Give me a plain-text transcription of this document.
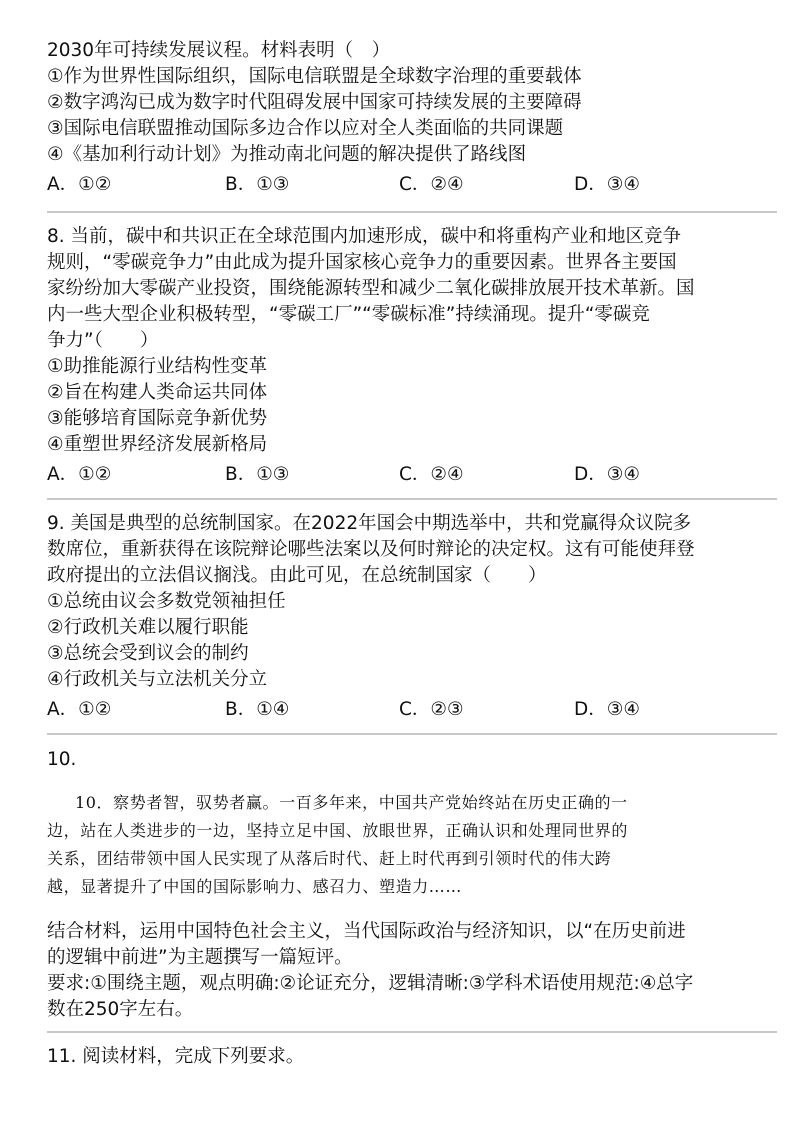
2030年可持续发展议程。材料表明（　）
①作为世界性国际组织，国际电信联盟是全球数字治理的重要载体
②数字鸿沟已成为数字时代阻碍发展中国家可持续发展的主要障碍
③国际电信联盟推动国际多边合作以应对全人类面临的共同课题
④《基加利行动计划》为推动南北问题的解决提供了路线图
A．①②	B．①③	C．②④	D．③④
8. 当前，碳中和共识正在全球范围内加速形成，碳中和将重构产业和地区竞争
规则，“零碳竞争力”由此成为提升国家核心竞争力的重要因素。世界各主要国
家纷纷加大零碳产业投资，围绕能源转型和减少二氧化碳排放展开技术革新。国
内一些大型企业积极转型，“零碳工厂”“零碳标准”持续涌现。提升“零碳竞
争力”（　　）
①助推能源行业结构性变革
②旨在构建人类命运共同体
③能够培育国际竞争新优势
④重塑世界经济发展新格局
A．①②	B．①③	C．②④	D．③④
9. 美国是典型的总统制国家。在2022年国会中期选举中，共和党赢得众议院多
数席位，重新获得在该院辩论哪些法案以及何时辩论的决定权。这有可能使拜登
政府提出的立法倡议搁浅。由此可见，在总统制国家（　　）
①总统由议会多数党领袖担任
②行政机关难以履行职能
③总统会受到议会的制约
④行政机关与立法机关分立
A．①②	B．①④	C．②③	D．③④
10.
10．察势者智，驭势者赢。一百多年来，中国共产党始终站在历史正确的一
边，站在人类进步的一边，坚持立足中国、放眼世界，正确认识和处理同世界的
关系，团结带领中国人民实现了从落后时代、赶上时代再到引领时代的伟大跨
越，显著提升了中国的国际影响力、感召力、塑造力……
结合材料，运用中国特色社会主义，当代国际政治与经济知识，以“在历史前进
的逻辑中前进”为主题撰写一篇短评。
要求:①围绕主题，观点明确:②论证充分，逻辑清晰:③学科术语使用规范:④总字
数在250字左右。
11. 阅读材料，完成下列要求。
